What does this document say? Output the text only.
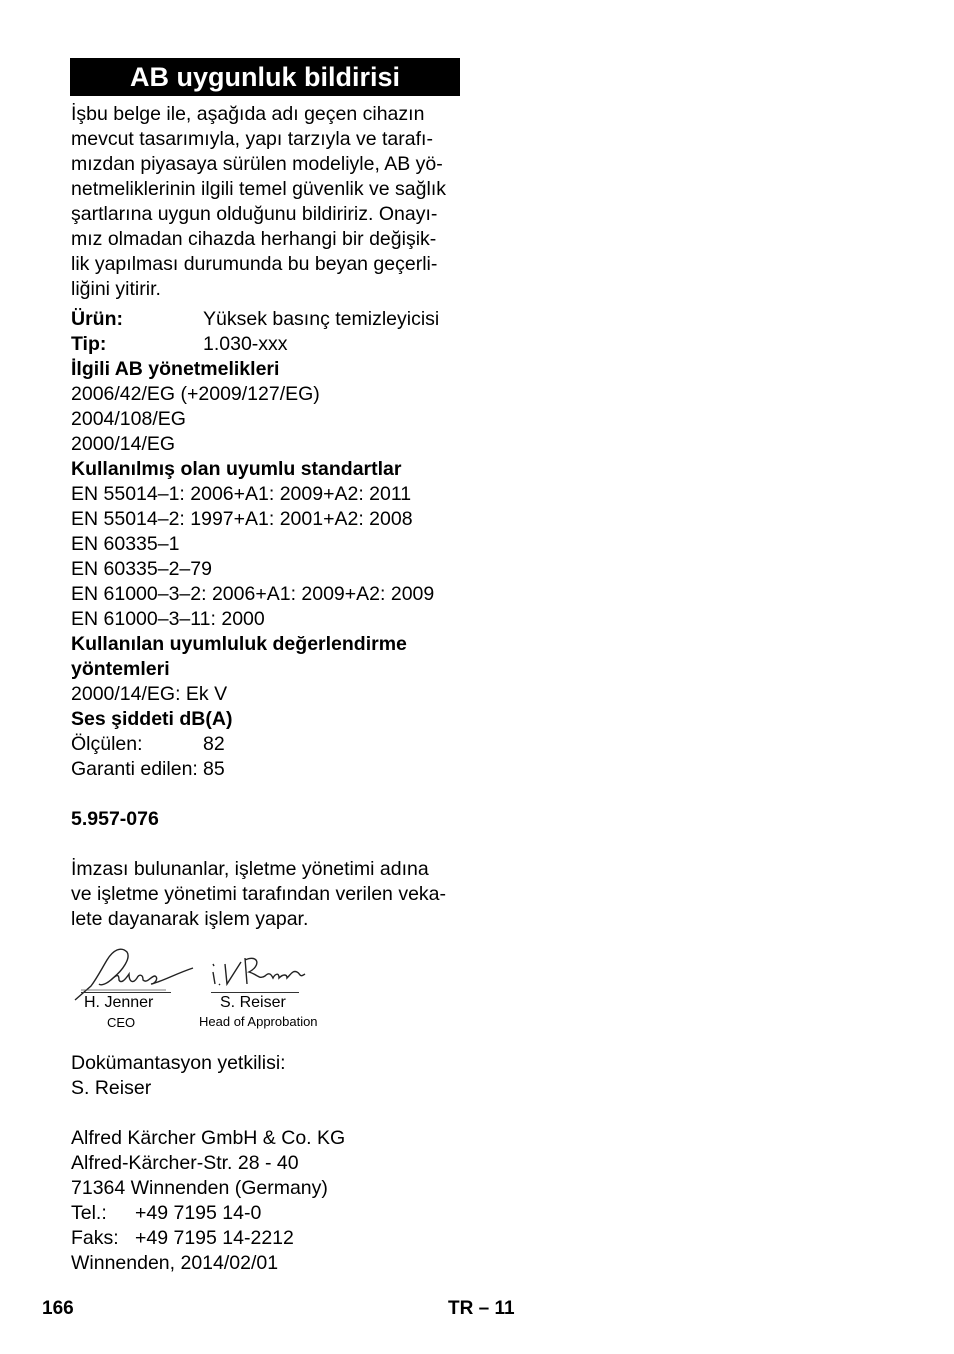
AB uygunluk bildirisi
İşbu belge ile, aşağıda adı geçen cihazın
mevcut tasarımıyla, yapı tarzıyla ve tarafı-
mızdan piyasaya sürülen modeliyle, AB yö-
netmeliklerinin ilgili temel güvenlik ve sağlık
şartlarına uygun olduğunu bildiririz. Onayı-
mız olmadan cihazda herhangi bir değişik-
lik yapılması durumunda bu beyan geçerli-
liğini yitirir.
Ürün:	Yüksek basınç temizleyicisi
Tip:	1.030-xxx
İlgili AB yönetmelikleri
2006/42/EG (+2009/127/EG)
2004/108/EG
2000/14/EG
Kullanılmış olan uyumlu standartlar
EN 55014–1: 2006+A1: 2009+A2: 2011
EN 55014–2: 1997+A1: 2001+A2: 2008
EN 60335–1
EN 60335–2–79
EN 61000–3–2: 2006+A1: 2009+A2: 2009
EN 61000–3–11: 2000
Kullanılan uyumluluk değerlendirme
yöntemleri
2000/14/EG: Ek V
Ses şiddeti dB(A)
Ölçülen:	82
Garanti edilen: 85
5.957-076
İmzası bulunanlar, işletme yönetimi adına
ve işletme yönetimi tarafından verilen veka-
lete dayanarak işlem yapar.
H. Jenner
CEO
S. Reiser
Head of Approbation
Dokümantasyon yetkilisi:
S. Reiser
Alfred Kärcher GmbH & Co. KG
Alfred-Kärcher-Str. 28 - 40
71364 Winnenden (Germany)
Tel.:	+49 7195 14-0
Faks: +49 7195 14-2212
Winnenden, 2014/02/01
166	TR – 11
